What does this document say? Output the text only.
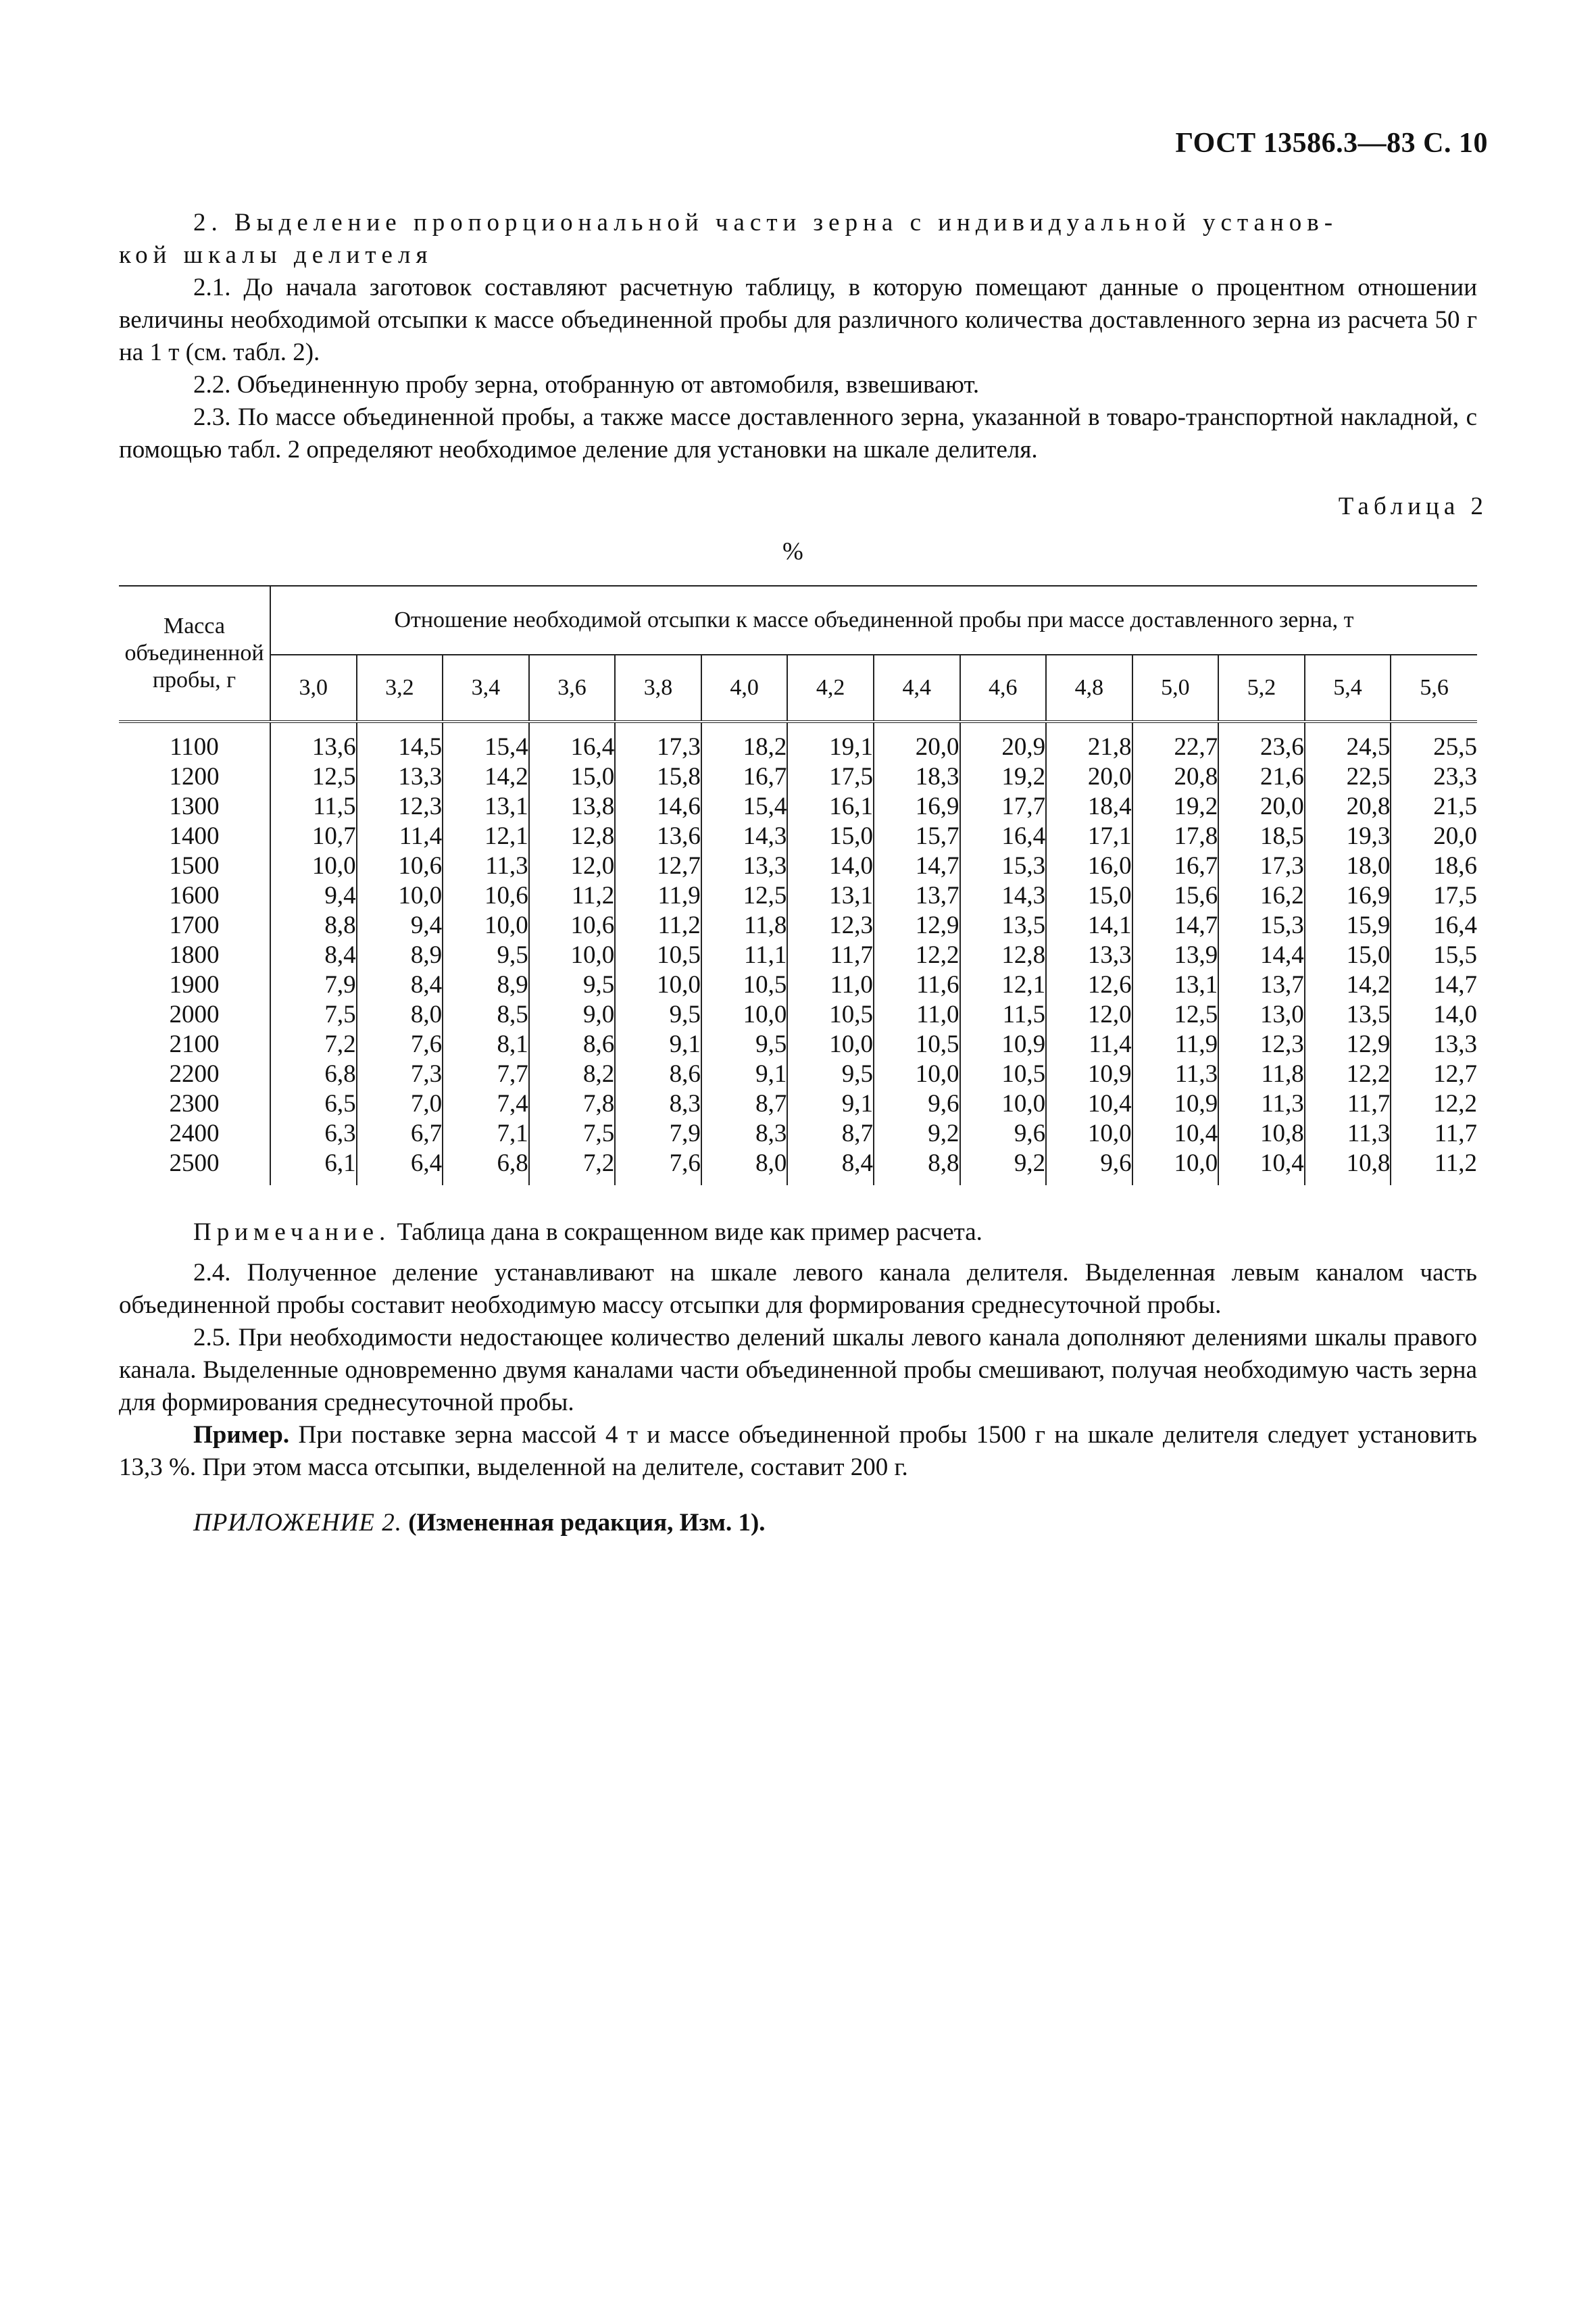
ГОСТ 13586.3—83 С. 10

2. Выделение пропорциональной части зерна с индивидуальной установ-

кой шкалы делителя

2.1. До начала заготовок составляют расчетную таблицу, в которую помещают данные о процентном отношении величины необходимой отсыпки к массе объединенной пробы для различного количества доставленного зерна из расчета 50 г на 1 т (см. табл. 2).

2.2. Объединенную пробу зерна, отобранную от автомобиля, взвешивают.

2.3. По массе объединенной пробы, а также массе доставленного зерна, указанной в товаро-транспортной накладной, с помощью табл. 2 определяют необходимое деление для установки на шкале делителя.

Таблица 2
%
Масса объединенной пробы, г	Отношение необходимой отсыпки к массе объединенной пробы при массе доставленного зерна, т													
	3,0	3,2	3,4	3,6	3,8	4,0	4,2	4,4	4,6	4,8	5,0	5,2	5,4	5,6
1100	13,6	14,5	15,4	16,4	17,3	18,2	19,1	20,0	20,9	21,8	22,7	23,6	24,5	25,5
1200	12,5	13,3	14,2	15,0	15,8	16,7	17,5	18,3	19,2	20,0	20,8	21,6	22,5	23,3
1300	11,5	12,3	13,1	13,8	14,6	15,4	16,1	16,9	17,7	18,4	19,2	20,0	20,8	21,5
1400	10,7	11,4	12,1	12,8	13,6	14,3	15,0	15,7	16,4	17,1	17,8	18,5	19,3	20,0
1500	10,0	10,6	11,3	12,0	12,7	13,3	14,0	14,7	15,3	16,0	16,7	17,3	18,0	18,6
1600	9,4	10,0	10,6	11,2	11,9	12,5	13,1	13,7	14,3	15,0	15,6	16,2	16,9	17,5
1700	8,8	9,4	10,0	10,6	11,2	11,8	12,3	12,9	13,5	14,1	14,7	15,3	15,9	16,4
1800	8,4	8,9	9,5	10,0	10,5	11,1	11,7	12,2	12,8	13,3	13,9	14,4	15,0	15,5
1900	7,9	8,4	8,9	9,5	10,0	10,5	11,0	11,6	12,1	12,6	13,1	13,7	14,2	14,7
2000	7,5	8,0	8,5	9,0	9,5	10,0	10,5	11,0	11,5	12,0	12,5	13,0	13,5	14,0
2100	7,2	7,6	8,1	8,6	9,1	9,5	10,0	10,5	10,9	11,4	11,9	12,3	12,9	13,3
2200	6,8	7,3	7,7	8,2	8,6	9,1	9,5	10,0	10,5	10,9	11,3	11,8	12,2	12,7
2300	6,5	7,0	7,4	7,8	8,3	8,7	9,1	9,6	10,0	10,4	10,9	11,3	11,7	12,2
2400	6,3	6,7	7,1	7,5	7,9	8,3	8,7	9,2	9,6	10,0	10,4	10,8	11,3	11,7
2500	6,1	6,4	6,8	7,2	7,6	8,0	8,4	8,8	9,2	9,6	10,0	10,4	10,8	11,2

Примечание. Таблица дана в сокращенном виде как пример расчета.

2.4. Полученное деление устанавливают на шкале левого канала делителя. Выделенная левым каналом часть объединенной пробы составит необходимую массу отсыпки для формирования среднесуточной пробы.

2.5. При необходимости недостающее количество делений шкалы левого канала дополняют делениями шкалы правого канала. Выделенные одновременно двумя каналами части объединенной пробы смешивают, получая необходимую часть зерна для формирования среднесуточной пробы.

Пример. При поставке зерна массой 4 т и массе объединенной пробы 1500 г на шкале делителя следует установить 13,3 %. При этом масса отсыпки, выделенной на делителе, составит 200 г.

ПРИЛОЖЕНИЕ 2. (Измененная редакция, Изм. 1).
